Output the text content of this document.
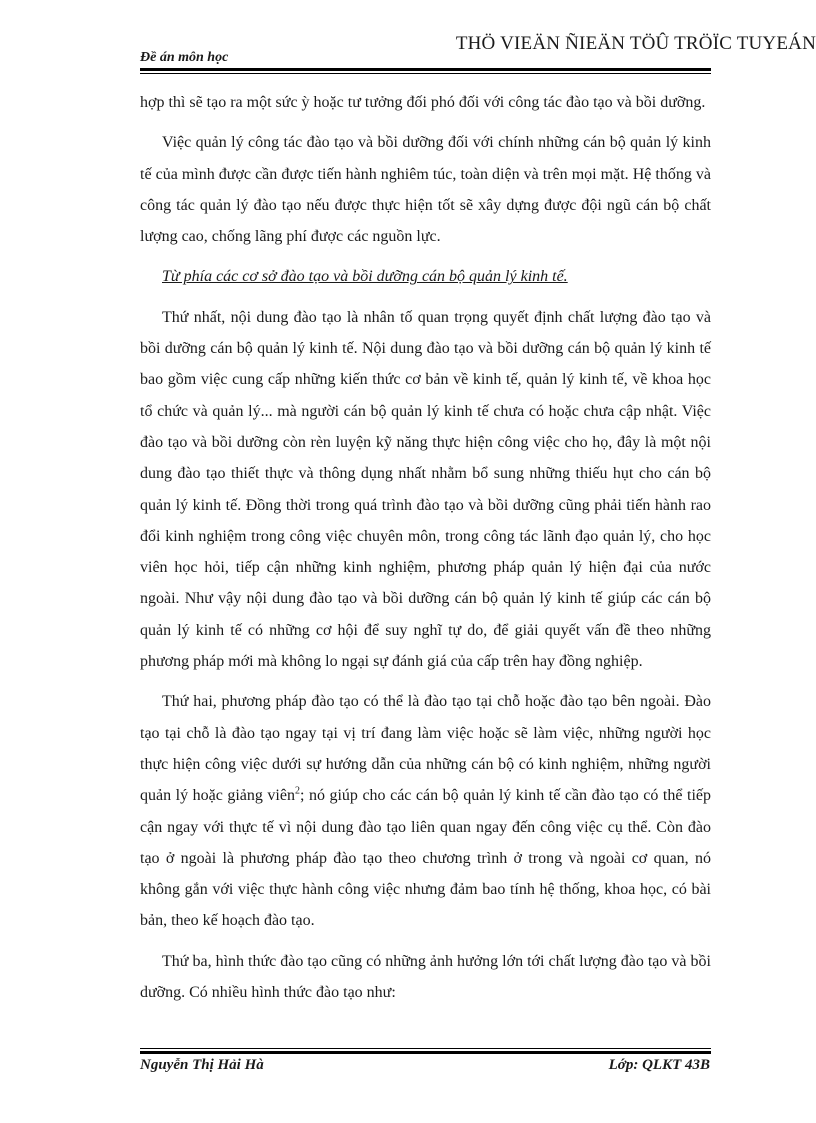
Đề án môn học
THÖ VIEÄN ÑIEÄN TÖÛ TRÖÏC TUYEÁN

hợp thì sẽ tạo ra một sức ỳ hoặc tư tưởng đối phó đối với công tác đào tạo và bồi dưỡng.

Việc quản lý công tác đào tạo và bồi dưỡng đối với chính những cán bộ quản lý kinh tế của mình được cần được tiến hành nghiêm túc, toàn diện và trên mọi mặt. Hệ thống và công tác quản lý đào tạo nếu được thực hiện tốt sẽ xây dựng được đội ngũ cán bộ chất lượng cao, chống lãng phí được các nguồn lực.

Từ phía các cơ sở đào tạo và bồi dưỡng cán bộ quản lý kinh tế.

Thứ nhất, nội dung đào tạo là nhân tố quan trọng quyết định chất lượng đào tạo và bồi dưỡng cán bộ quản lý kinh tế. Nội dung đào tạo và bồi dưỡng cán bộ quản lý kinh tế bao gồm việc cung cấp những kiến thức cơ bản về kinh tế, quản lý kinh tế, về khoa học tổ chức và quản lý... mà người cán bộ quản lý kinh tế chưa có hoặc chưa cập nhật. Việc đào tạo và bồi dưỡng còn rèn luyện kỹ năng thực hiện công việc cho họ, đây là một nội dung đào tạo thiết thực và thông dụng nhất nhằm bổ sung những thiếu hụt cho cán bộ quản lý kinh tế. Đồng thời trong quá trình đào tạo và bồi dưỡng cũng phải tiến hành rao đổi kinh nghiệm trong công việc chuyên môn, trong công tác lãnh đạo quản lý, cho học viên học hỏi, tiếp cận những kinh nghiệm, phương pháp quản lý hiện đại của nước ngoài. Như vậy nội dung đào tạo và bồi dưỡng cán bộ quản lý kinh tế giúp các cán bộ quản lý kinh tế có những cơ hội để suy nghĩ tự do, để giải quyết vấn đề theo những phương pháp mới mà không lo ngại sự đánh giá của cấp trên hay đồng nghiệp.

Thứ hai, phương pháp đào tạo có thể là đào tạo tại chỗ hoặc đào tạo bên ngoài. Đào tạo tại chỗ là đào tạo ngay tại vị trí đang làm việc hoặc sẽ làm việc, những người học thực hiện công việc dưới sự hướng dẫn của những cán bộ có kinh nghiệm, những người quản lý hoặc giảng viên$^2$; nó giúp cho các cán bộ quản lý kinh tế cần đào tạo có thể tiếp cận ngay với thực tế vì nội dung đào tạo liên quan ngay đến công việc cụ thể. Còn đào tạo ở ngoài là phương pháp đào tạo theo chương trình ở trong và ngoài cơ quan, nó không gắn với việc thực hành công việc nhưng đảm bao tính hệ thống, khoa học, có bài bản, theo kế hoạch đào tạo.

Thứ ba, hình thức đào tạo cũng có những ảnh hưởng lớn tới chất lượng đào tạo và bồi dưỡng. Có nhiều hình thức đào tạo như:

Nguyễn Thị Hải Hà	Lớp: QLKT 43B
